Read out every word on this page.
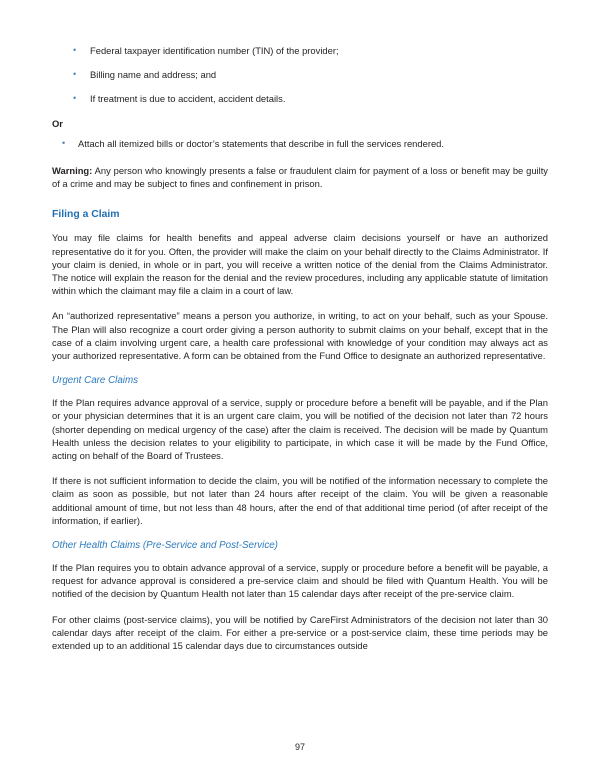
• Federal taxpayer identification number (TIN) of the provider;
• Billing name and address; and
• If treatment is due to accident, accident details.
Or
• Attach all itemized bills or doctor’s statements that describe in full the services rendered.

Warning: Any person who knowingly presents a false or fraudulent claim for payment of a loss or benefit may be guilty of a crime and may be subject to fines and confinement in prison.

Filing a Claim

You may file claims for health benefits and appeal adverse claim decisions yourself or have an authorized representative do it for you. Often, the provider will make the claim on your behalf directly to the Claims Administrator. If your claim is denied, in whole or in part, you will receive a written notice of the denial from the Claims Administrator. The notice will explain the reason for the denial and the review procedures, including any applicable statute of limitation within which the claimant may file a claim in a court of law.

An “authorized representative” means a person you authorize, in writing, to act on your behalf, such as your Spouse. The Plan will also recognize a court order giving a person authority to submit claims on your behalf, except that in the case of a claim involving urgent care, a health care professional with knowledge of your condition may always act as your authorized representative. A form can be obtained from the Fund Office to designate an authorized representative.

Urgent Care Claims

If the Plan requires advance approval of a service, supply or procedure before a benefit will be payable, and if the Plan or your physician determines that it is an urgent care claim, you will be notified of the decision not later than 72 hours (shorter depending on medical urgency of the case) after the claim is received. The decision will be made by Quantum Health unless the decision relates to your eligibility to participate, in which case it will be made by the Fund Office, acting on behalf of the Board of Trustees.

If there is not sufficient information to decide the claim, you will be notified of the information necessary to complete the claim as soon as possible, but not later than 24 hours after receipt of the claim. You will be given a reasonable additional amount of time, but not less than 48 hours, after the end of that additional time period (of after receipt of the information, if earlier).

Other Health Claims (Pre-Service and Post-Service)

If the Plan requires you to obtain advance approval of a service, supply or procedure before a benefit will be payable, a request for advance approval is considered a pre-service claim and should be filed with Quantum Health. You will be notified of the decision by Quantum Health not later than 15 calendar days after receipt of the pre-service claim.

For other claims (post-service claims), you will be notified by CareFirst Administrators of the decision not later than 30 calendar days after receipt of the claim. For either a pre-service or a post-service claim, these time periods may be extended up to an additional 15 calendar days due to circumstances outside

97
